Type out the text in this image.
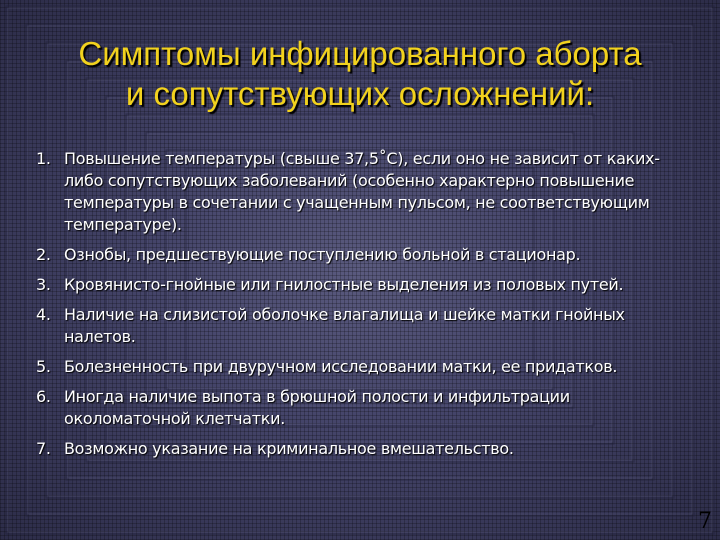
Симптомы инфицированного аборта
и сопутствующих осложнений:
1. Повышение температуры (свыше 37,5˚С), если оно не зависит от каких-либо сопутствующих заболеваний (особенно характерно повышение температуры в сочетании с учащенным пульсом, не соответствующим температуре).
2. Ознобы, предшествующие поступлению больной в стационар.
3. Кровянисто-гнойные или гнилостные выделения из половых путей.
4. Наличие на слизистой оболочке влагалища и шейке матки гнойных налетов.
5. Болезненность при двуручном исследовании матки, ее придатков.
6. Иногда наличие выпота в брюшной полости и инфильтрации околоматочной клетчатки.
7. Возможно указание на криминальное вмешательство.
7
